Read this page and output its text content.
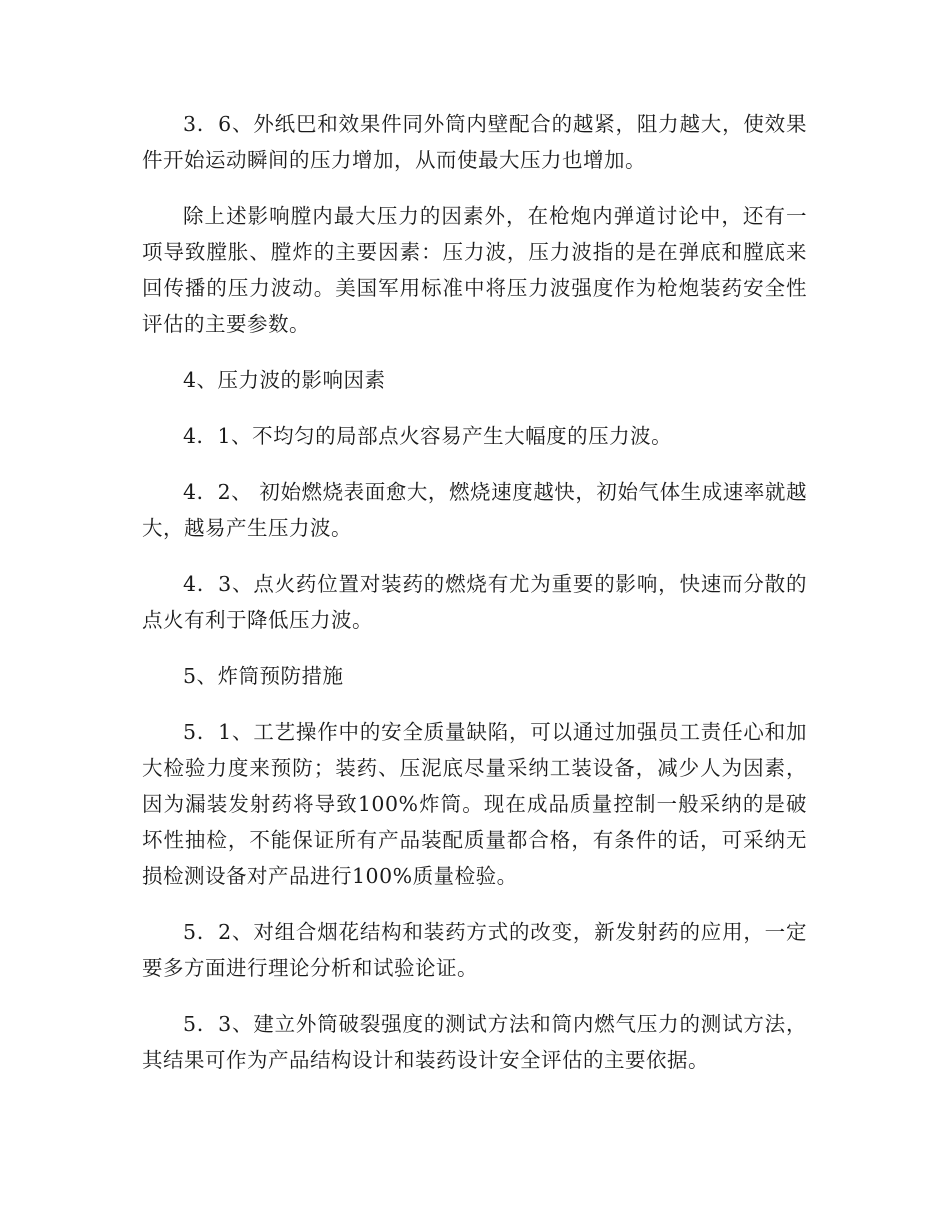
3．6、外纸巴和效果件同外筒内壁配合的越紧，阻力越大，使效果件开始运动瞬间的压力增加，从而使最大压力也增加。

除上述影响膛内最大压力的因素外，在枪炮内弹道讨论中，还有一项导致膛胀、膛炸的主要因素：压力波，压力波指的是在弹底和膛底来回传播的压力波动。美国军用标准中将压力波强度作为枪炮装药安全性评估的主要参数。

4、压力波的影响因素

4．1、不均匀的局部点火容易产生大幅度的压力波。

4．2、 初始燃烧表面愈大，燃烧速度越快，初始气体生成速率就越大，越易产生压力波。

4．3、点火药位置对装药的燃烧有尤为重要的影响，快速而分散的点火有利于降低压力波。

5、炸筒预防措施

5．1、工艺操作中的安全质量缺陷，可以通过加强员工责任心和加大检验力度来预防；装药、压泥底尽量采纳工装设备，减少人为因素，因为漏装发射药将导致100%炸筒。现在成品质量控制一般采纳的是破坏性抽检，不能保证所有产品装配质量都合格，有条件的话，可采纳无损检测设备对产品进行100%质量检验。

5．2、对组合烟花结构和装药方式的改变，新发射药的应用，一定要多方面进行理论分析和试验论证。

5．3、建立外筒破裂强度的测试方法和筒内燃气压力的测试方法，其结果可作为产品结构设计和装药设计安全评估的主要依据。
